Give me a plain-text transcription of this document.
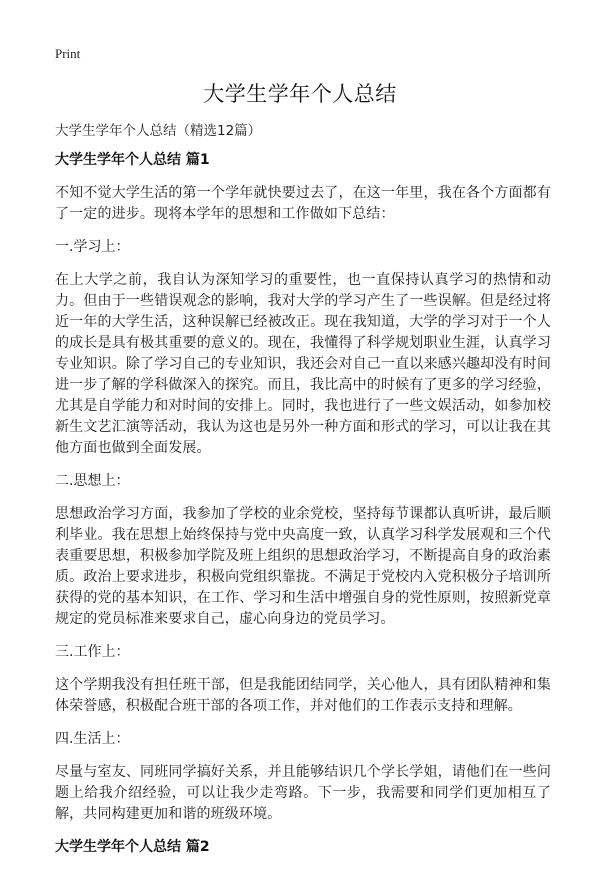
Print
大学生学年个人总结

大学生学年个人总结（精选12篇）

大学生学年个人总结 篇1

不知不觉大学生活的第一个学年就快要过去了，在这一年里，我在各个方面都有了一定的进步。现将本学年的思想和工作做如下总结：

一.学习上：

在上大学之前，我自认为深知学习的重要性，也一直保持认真学习的热情和动力。但由于一些错误观念的影响，我对大学的学习产生了一些误解。但是经过将近一年的大学生活，这种误解已经被改正。现在我知道，大学的学习对于一个人的成长是具有极其重要的意义的。现在，我懂得了科学规划职业生涯，认真学习专业知识。除了学习自己的专业知识，我还会对自己一直以来感兴趣却没有时间进一步了解的学科做深入的探究。而且，我比高中的时候有了更多的学习经验，尤其是自学能力和对时间的安排上。同时，我也进行了一些文娱活动，如参加校新生文艺汇演等活动，我认为这也是另外一种方面和形式的学习，可以让我在其他方面也做到全面发展。

二.思想上：

思想政治学习方面，我参加了学校的业余党校，坚持每节课都认真听讲，最后顺利毕业。我在思想上始终保持与党中央高度一致，认真学习科学发展观和三个代表重要思想，积极参加学院及班上组织的思想政治学习，不断提高自身的政治素质。政治上要求进步，积极向党组织靠拢。不满足于党校内入党积极分子培训所获得的党的基本知识，在工作、学习和生活中增强自身的党性原则，按照新党章规定的党员标准来要求自己，虚心向身边的党员学习。

三.工作上：

这个学期我没有担任班干部，但是我能团结同学，关心他人，具有团队精神和集体荣誉感，积极配合班干部的各项工作，并对他们的工作表示支持和理解。

四.生活上：

尽量与室友、同班同学搞好关系，并且能够结识几个学长学姐，请他们在一些问题上给我介绍经验，可以让我少走弯路。下一步，我需要和同学们更加相互了解，共同构建更加和谐的班级环境。

大学生学年个人总结 篇2
